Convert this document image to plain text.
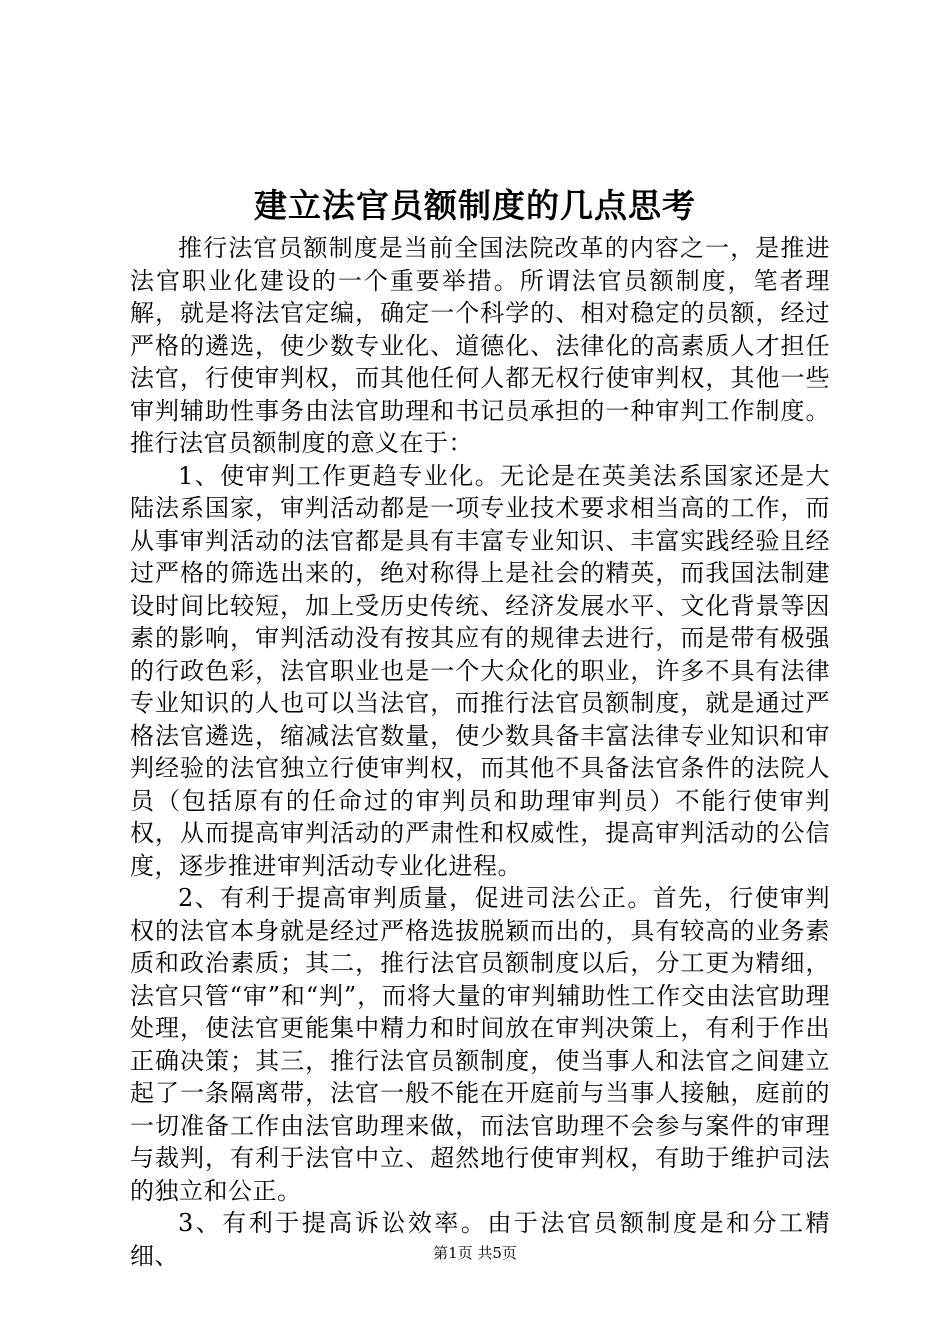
建立法官员额制度的几点思考

推行法官员额制度是当前全国法院改革的内容之一，是推进法官职业化建设的一个重要举措。所谓法官员额制度，笔者理解，就是将法官定编，确定一个科学的、相对稳定的员额，经过严格的遴选，使少数专业化、道德化、法律化的高素质人才担任法官，行使审判权，而其他任何人都无权行使审判权，其他一些审判辅助性事务由法官助理和书记员承担的一种审判工作制度。推行法官员额制度的意义在于：

1、使审判工作更趋专业化。无论是在英美法系国家还是大陆法系国家，审判活动都是一项专业技术要求相当高的工作，而从事审判活动的法官都是具有丰富专业知识、丰富实践经验且经过严格的筛选出来的，绝对称得上是社会的精英，而我国法制建设时间比较短，加上受历史传统、经济发展水平、文化背景等因素的影响，审判活动没有按其应有的规律去进行，而是带有极强的行政色彩，法官职业也是一个大众化的职业，许多不具有法律专业知识的人也可以当法官，而推行法官员额制度，就是通过严格法官遴选，缩减法官数量，使少数具备丰富法律专业知识和审判经验的法官独立行使审判权，而其他不具备法官条件的法院人员（包括原有的任命过的审判员和助理审判员）不能行使审判权，从而提高审判活动的严肃性和权威性，提高审判活动的公信度，逐步推进审判活动专业化进程。

2、有利于提高审判质量，促进司法公正。首先，行使审判权的法官本身就是经过严格选拔脱颖而出的，具有较高的业务素质和政治素质；其二，推行法官员额制度以后，分工更为精细，法官只管“审”和“判”，而将大量的审判辅助性工作交由法官助理处理，使法官更能集中精力和时间放在审判决策上，有利于作出正确决策；其三，推行法官员额制度，使当事人和法官之间建立起了一条隔离带，法官一般不能在开庭前与当事人接触，庭前的一切准备工作由法官助理来做，而法官助理不会参与案件的审理与裁判，有利于法官中立、超然地行使审判权，有助于维护司法的独立和公正。

3、有利于提高诉讼效率。由于法官员额制度是和分工精细、	第1页 共5页
